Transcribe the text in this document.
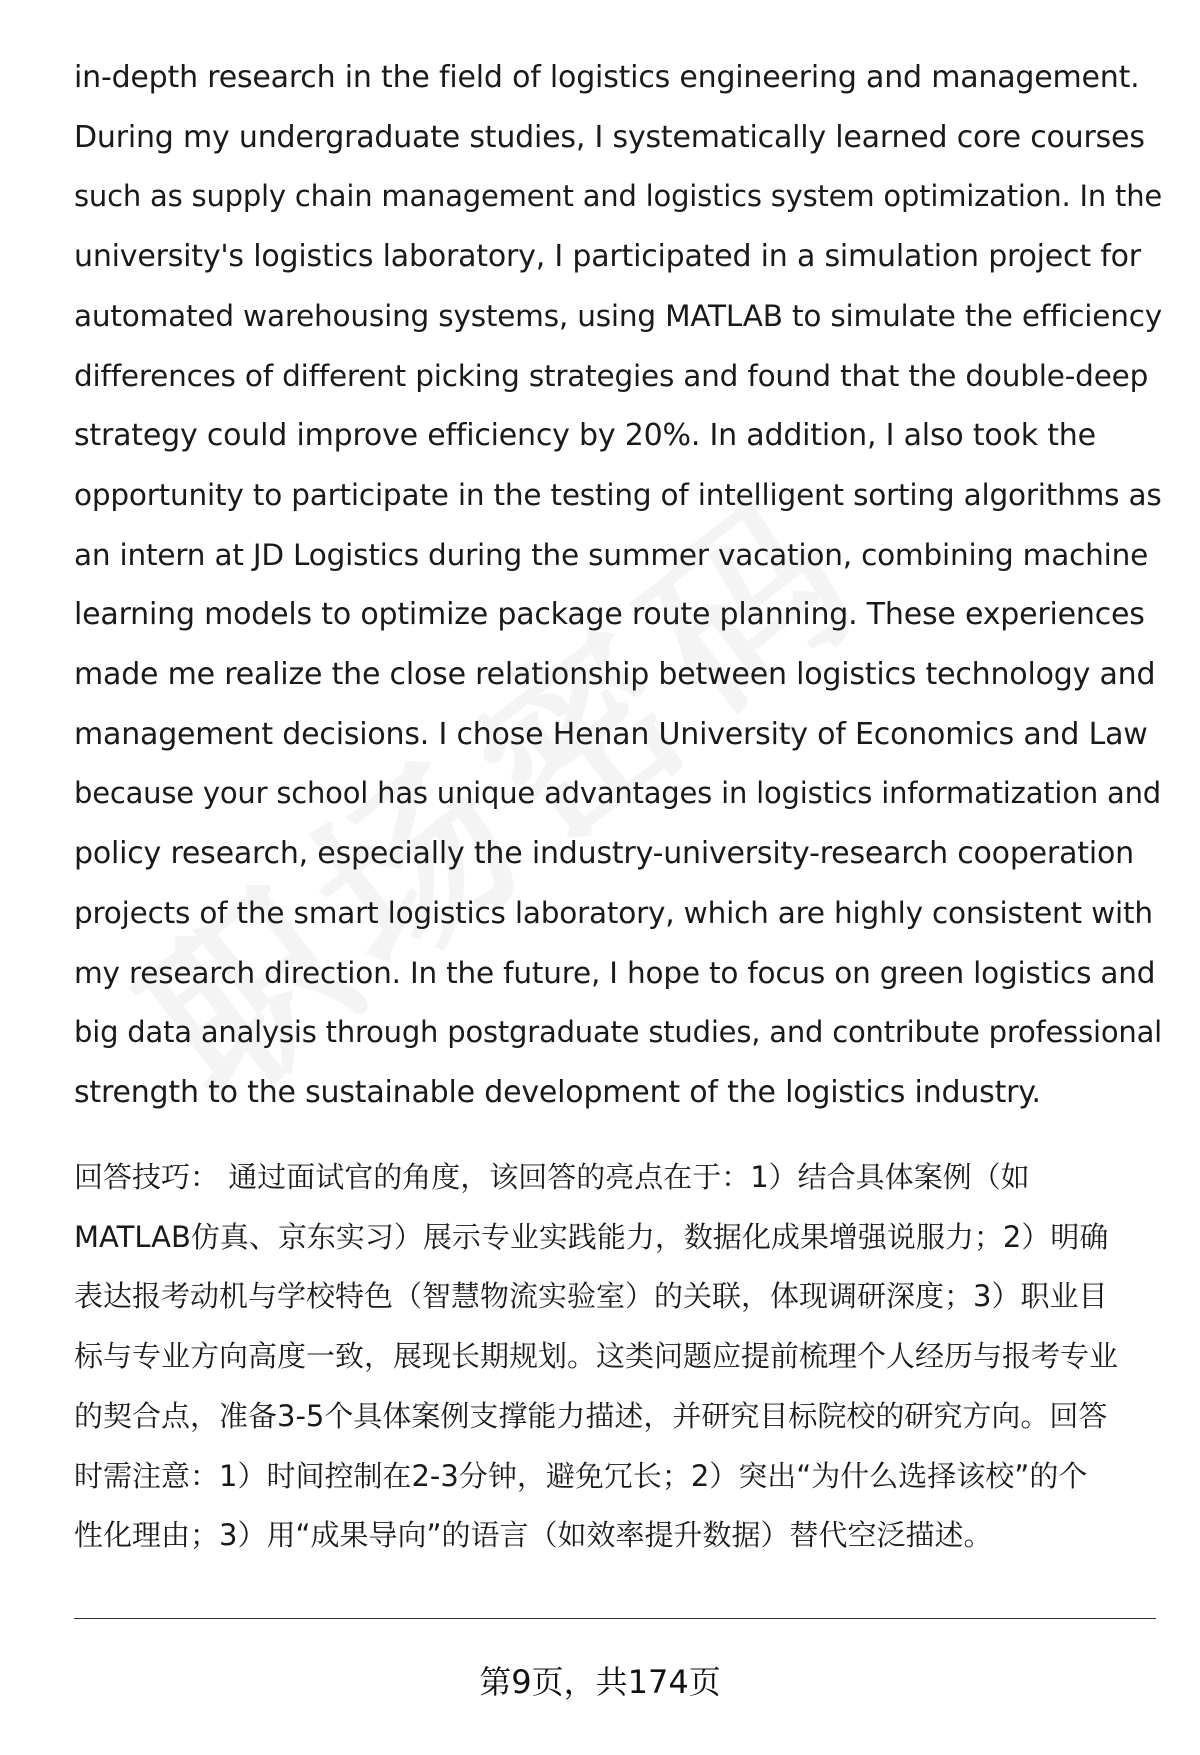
in-depth research in the field of logistics engineering and management.
During my undergraduate studies, I systematically learned core courses
such as supply chain management and logistics system optimization. In the
university's logistics laboratory, I participated in a simulation project for
automated warehousing systems, using MATLAB to simulate the efficiency
differences of different picking strategies and found that the double-deep
strategy could improve efficiency by 20%. In addition, I also took the
opportunity to participate in the testing of intelligent sorting algorithms as
an intern at JD Logistics during the summer vacation, combining machine
learning models to optimize package route planning. These experiences
made me realize the close relationship between logistics technology and
management decisions. I chose Henan University of Economics and Law
because your school has unique advantages in logistics informatization and
policy research, especially the industry-university-research cooperation
projects of the smart logistics laboratory, which are highly consistent with
my research direction. In the future, I hope to focus on green logistics and
big data analysis through postgraduate studies, and contribute professional
strength to the sustainable development of the logistics industry.
回答技巧： 通过面试官的角度，该回答的亮点在于：1）结合具体案例（如
MATLAB仿真、京东实习）展示专业实践能力，数据化成果增强说服力；2）明确
表达报考动机与学校特色（智慧物流实验室）的关联，体现调研深度；3）职业目
标与专业方向高度一致，展现长期规划。这类问题应提前梳理个人经历与报考专业
的契合点，准备3-5个具体案例支撑能力描述，并研究目标院校的研究方向。回答
时需注意：1）时间控制在2-3分钟，避免冗长；2）突出“为什么选择该校”的个
性化理由；3）用“成果导向”的语言（如效率提升数据）替代空泛描述。
第9页，共174页
